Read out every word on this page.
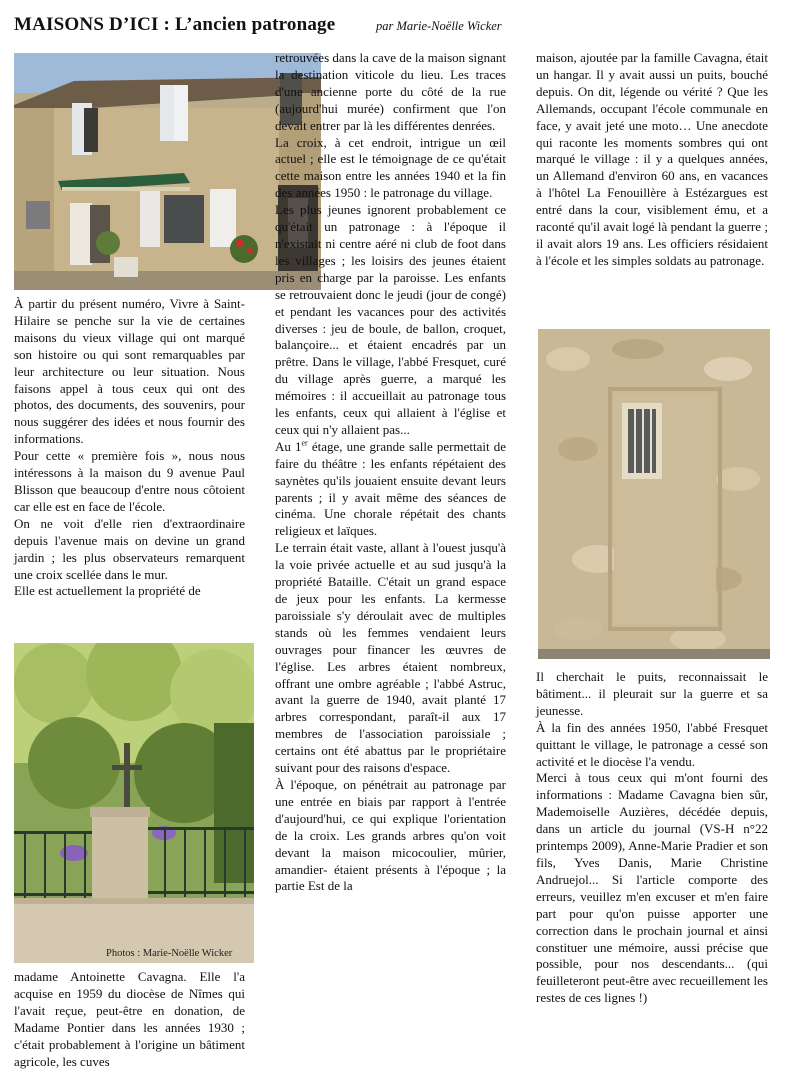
MAISONS D’ICI : L’ancien patronage	par Marie-Noëlle Wicker
Photos : Marie-Noëlle Wicker

À partir du présent numéro, Vivre à Saint-Hilaire se penche sur la vie de certaines maisons du vieux village qui ont marqué son histoire ou qui sont remarquables par leur architecture ou leur situation. Nous faisons appel à tous ceux qui ont des photos, des documents, des souvenirs, pour nous suggérer des idées et nous fournir des informations.

Pour cette « première fois », nous nous intéressons à la maison du 9 avenue Paul Blisson que beaucoup d'entre nous côtoient car elle est en face de l'école.

On ne voit d'elle rien d'extraordinaire depuis l'avenue mais on devine un grand jardin ; les plus observateurs remarquent une croix scellée dans le mur.

Elle est actuellement la propriété de

madame Antoinette Cavagna. Elle l'a acquise en 1959 du diocèse de Nîmes qui l'avait reçue, peut-être en donation, de Madame Pontier dans les années 1930 ; c'était probablement à l'origine un bâtiment agricole, les cuves

retrouvées dans la cave de la maison signant la destination viticole du lieu. Les traces d'une ancienne porte du côté de la rue (aujourd'hui murée) confirment que l'on devait entrer par là les différentes denrées.

La croix, à cet endroit, intrigue un œil actuel ; elle est le témoignage de ce qu'était cette maison entre les années 1940 et la fin des années 1950 : le patronage du village.

Les plus jeunes ignorent probablement ce qu'était un patronage : à l'époque il n'existait ni centre aéré ni club de foot dans les villages ; les loisirs des jeunes étaient pris en charge par la paroisse. Les enfants se retrouvaient donc le jeudi (jour de congé) et pendant les vacances pour des activités diverses : jeu de boule, de ballon, croquet, balançoire... et étaient encadrés par un prêtre. Dans le village, l'abbé Fresquet, curé du village après guerre, a marqué les mémoires : il accueillait au patronage tous les enfants, ceux qui allaient à l'église et ceux qui n'y allaient pas...

Au 1er étage, une grande salle permettait de faire du théâtre : les enfants répétaient des saynètes qu'ils jouaient ensuite devant leurs parents ; il y avait même des séances de cinéma. Une chorale répétait des chants religieux et laïques.

Le terrain était vaste, allant à l'ouest jusqu'à la voie privée actuelle et au sud jusqu'à la propriété Bataille. C'était un grand espace de jeux pour les enfants. La kermesse paroissiale s'y déroulait avec de multiples stands où les femmes vendaient leurs ouvrages pour financer les œuvres de l'église. Les arbres étaient nombreux, offrant une ombre agréable ; l'abbé Astruc, avant la guerre de 1940, avait planté 17 arbres correspondant, paraît-il aux 17 membres de l'association paroissiale ; certains ont été abattus par le propriétaire suivant pour des raisons d'espace.

À l'époque, on pénétrait au patronage par une entrée en biais par rapport à l'entrée d'aujourd'hui, ce qui explique l'orientation de la croix. Les grands arbres qu'on voit devant la maison micocoulier, mûrier, amandier- étaient présents à l'époque ; la partie Est de la

maison, ajoutée par la famille Cavagna, était un hangar. Il y avait aussi un puits, bouché depuis. On dit, légende ou vérité ? Que les Allemands, occupant l'école communale en face, y avait jeté une moto… Une anecdote qui raconte les moments sombres qui ont marqué le village : il y a quelques années, un Allemand d'environ 60 ans, en vacances à l'hôtel La Fenouillère à Estézargues est entré dans la cour, visiblement ému, et a raconté qu'il avait logé là pendant la guerre ; il avait alors 19 ans. Les officiers résidaient à l'école et les simples soldats au patronage.

Il cherchait le puits, reconnaissait le bâtiment... il pleurait sur la guerre et sa jeunesse.

À la fin des années 1950, l'abbé Fresquet quittant le village, le patronage a cessé son activité et le diocèse l'a vendu.

Merci à tous ceux qui m'ont fourni des informations : Madame Cavagna bien sûr, Mademoiselle Auzières, décédée depuis, dans un article du journal (VS-H n°22 printemps 2009), Anne-Marie Pradier et son fils, Yves Danis, Marie Christine Andruejol... Si l'article comporte des erreurs, veuillez m'en excuser et m'en faire part pour qu'on puisse apporter une correction dans le prochain journal et ainsi constituer une mémoire, aussi précise que possible, pour nos descendants... (qui feuilleteront peut-être avec recueillement les restes de ces lignes !)
